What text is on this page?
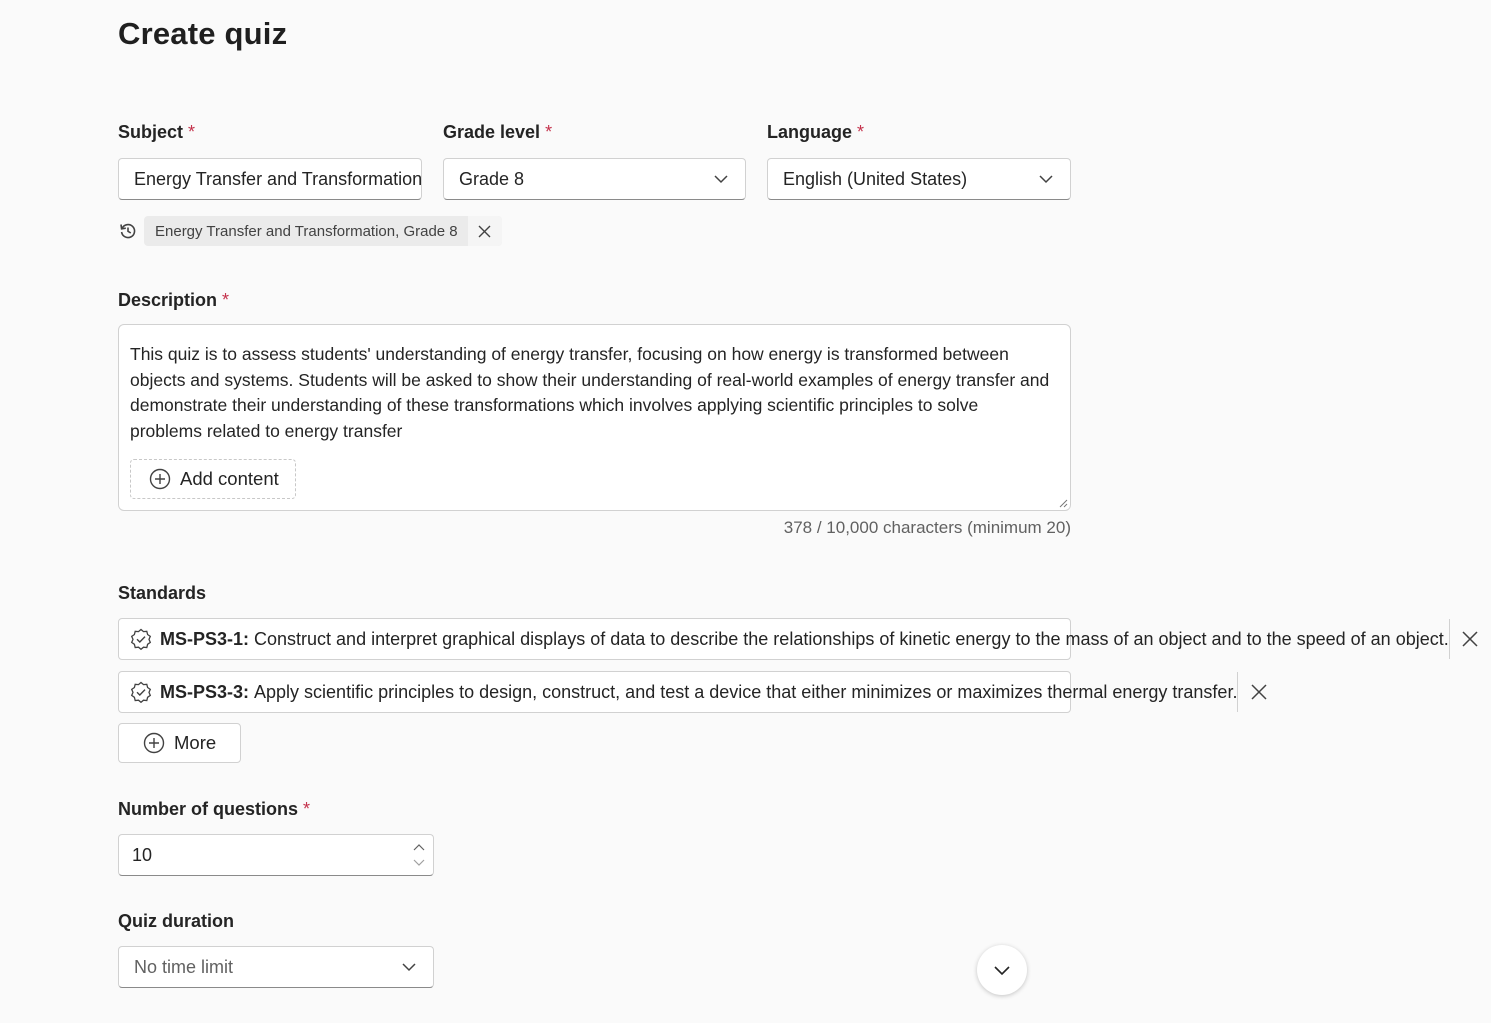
Create quiz
Subject *
Energy Transfer and Transformation
Grade level *
Grade 8
Language *
English (United States)
Energy Transfer and Transformation, Grade 8
Description *
This quiz is to assess students' understanding of energy transfer, focusing on how energy is transformed between objects and systems. Students will be asked to show their understanding of real-world examples of energy transfer and demonstrate their understanding of these transformations which involves applying scientific principles to solve problems related to energy transfer
Add content
378 / 10,000 characters (minimum 20)
Standards
MS-PS3-1: Construct and interpret graphical displays of data to describe the relationships of kinetic energy to the mass of an object and to the speed of an object.
MS-PS3-3: Apply scientific principles to design, construct, and test a device that either minimizes or maximizes thermal energy transfer.
More
Number of questions *
10
Quiz duration
No time limit
